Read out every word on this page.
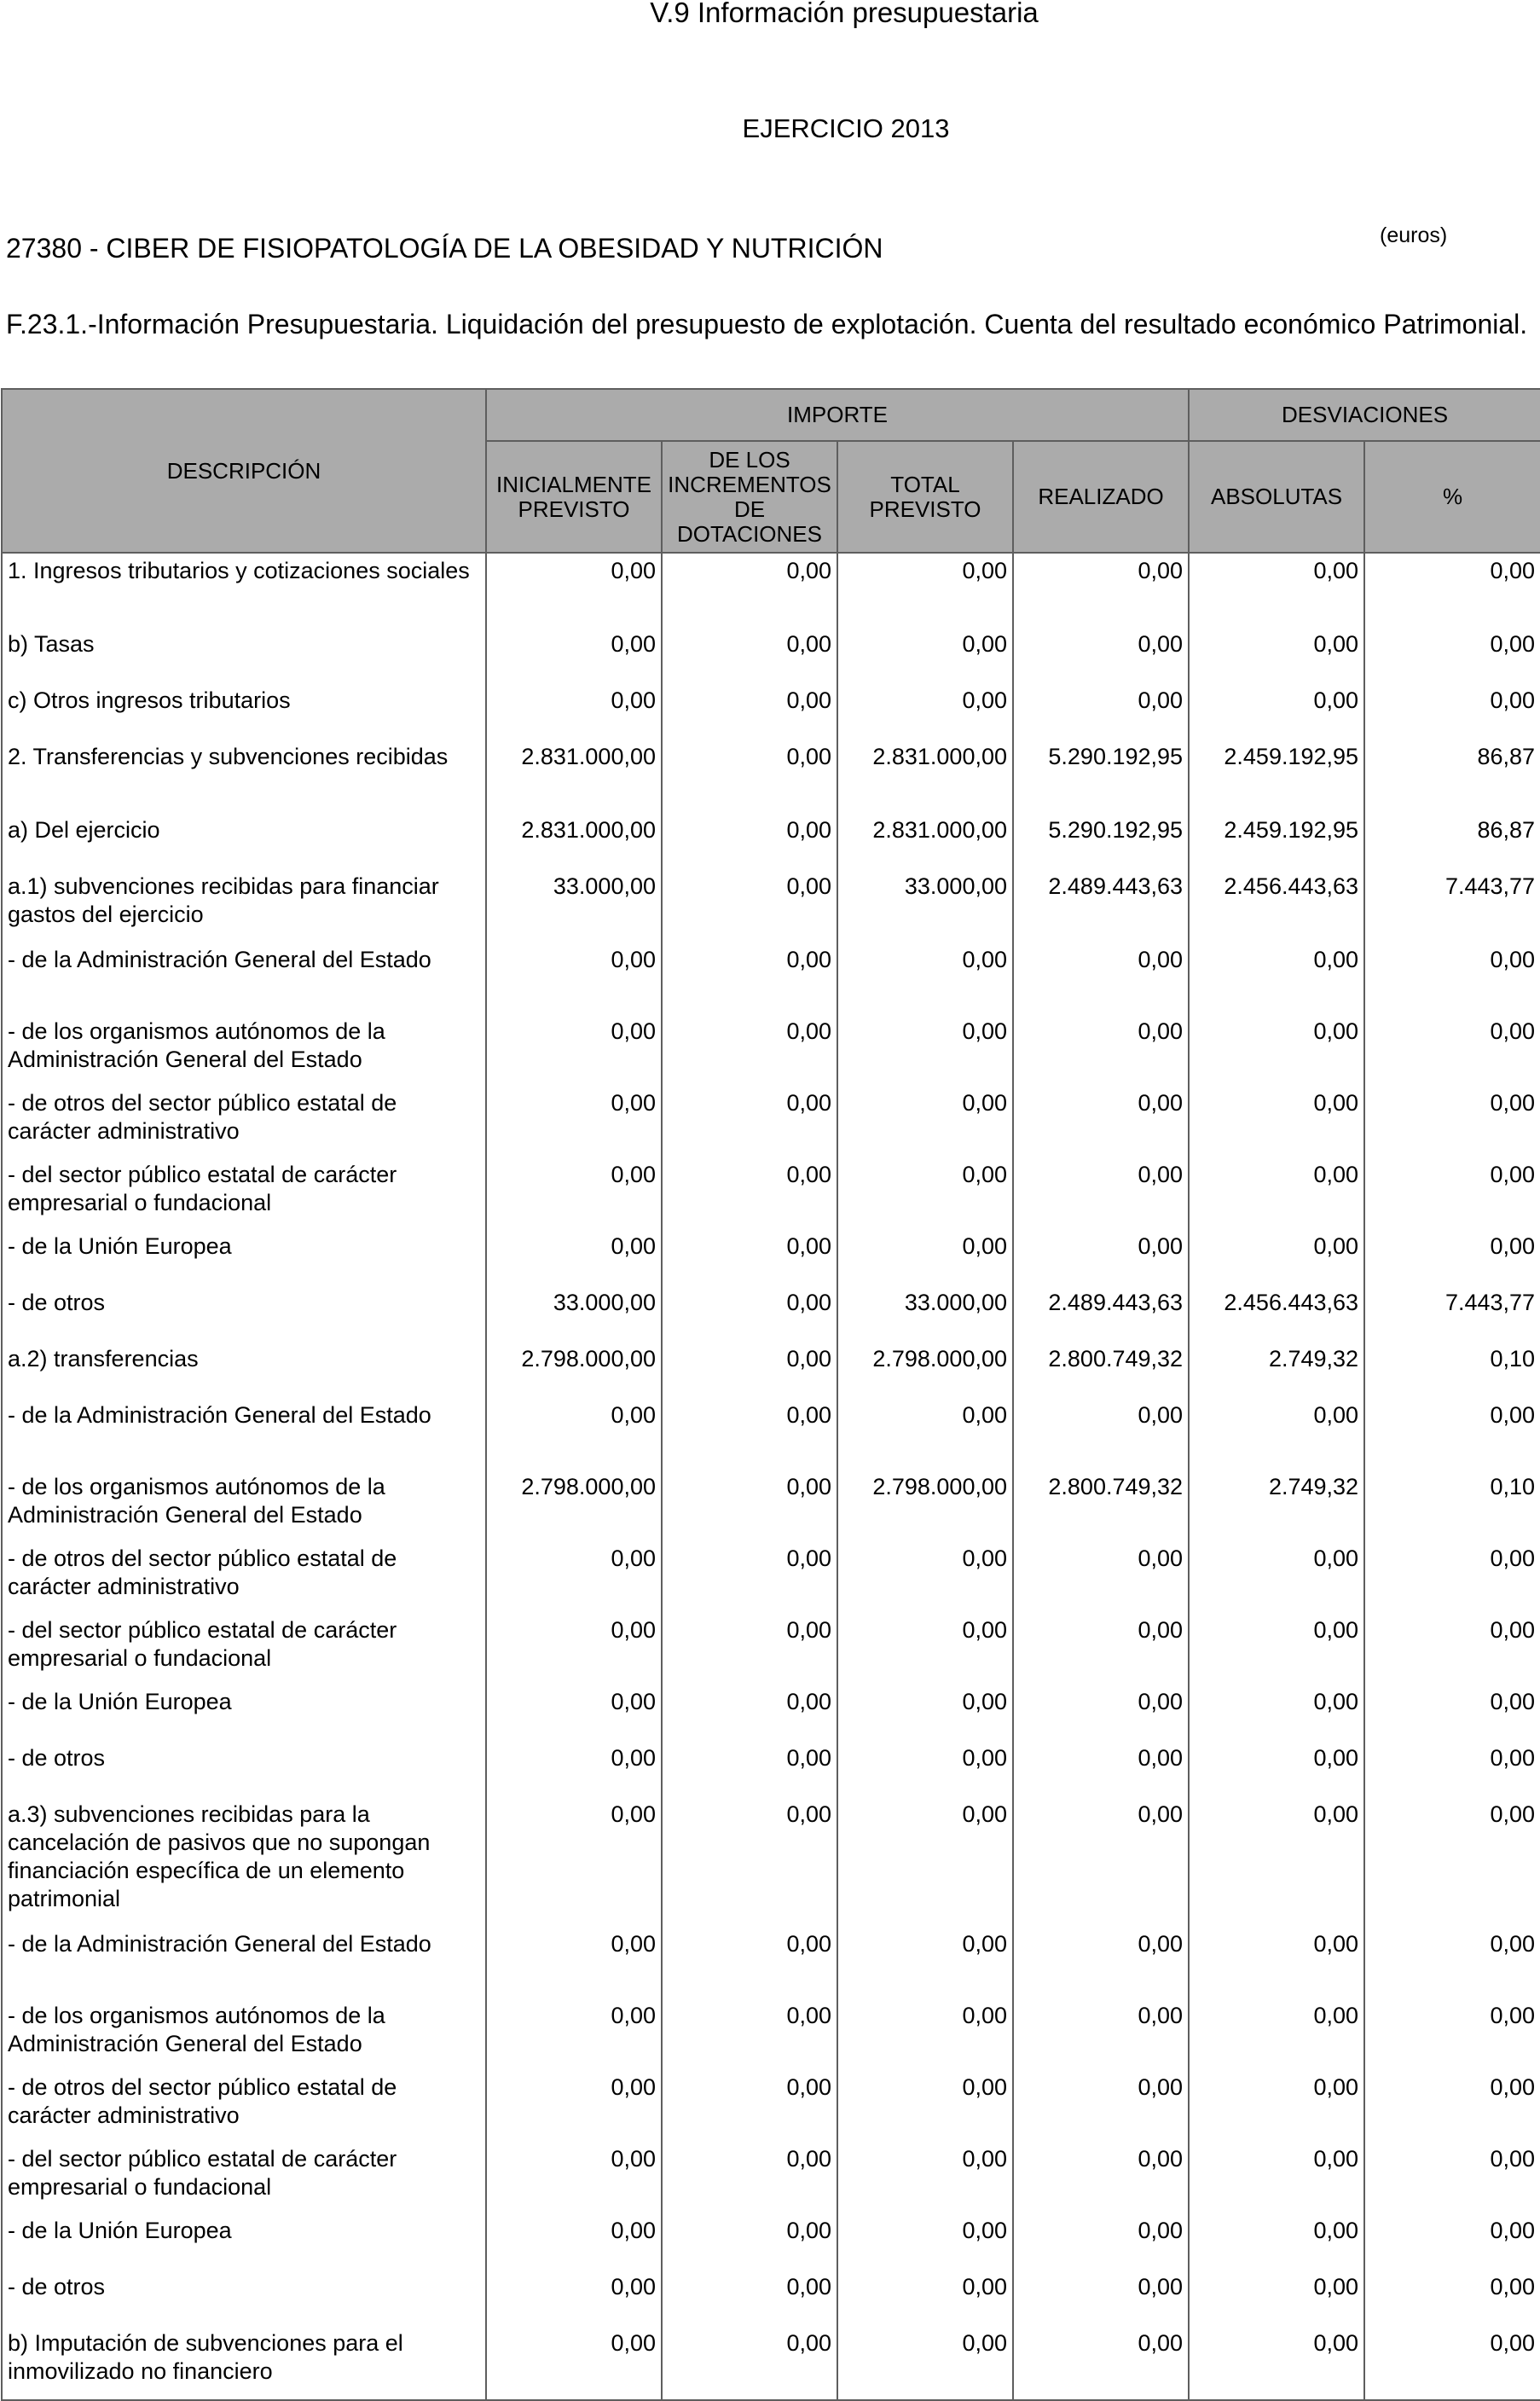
V.9 Información presupuestaria
EJERCICIO 2013
27380 - CIBER DE FISIOPATOLOGÍA DE LA OBESIDAD Y NUTRICIÓN	(euros)
F.23.1.-Información Presupuestaria. Liquidación del presupuesto de explotación. Cuenta del resultado económico Patrimonial.
DESCRIPCIÓN	IMPORTE				DESVIACIONES	
	INICIALMENTE PREVISTO	DE LOS INCREMENTOS DE DOTACIONES	TOTAL PREVISTO	REALIZADO	ABSOLUTAS	%
1. Ingresos tributarios y cotizaciones sociales	0,00	0,00	0,00	0,00	0,00	0,00
b) Tasas	0,00	0,00	0,00	0,00	0,00	0,00
c) Otros ingresos tributarios	0,00	0,00	0,00	0,00	0,00	0,00
2. Transferencias y subvenciones recibidas	2.831.000,00	0,00	2.831.000,00	5.290.192,95	2.459.192,95	86,87
a) Del ejercicio	2.831.000,00	0,00	2.831.000,00	5.290.192,95	2.459.192,95	86,87
a.1) subvenciones recibidas para financiar gastos del ejercicio	33.000,00	0,00	33.000,00	2.489.443,63	2.456.443,63	7.443,77
- de la Administración General del Estado	0,00	0,00	0,00	0,00	0,00	0,00
- de los organismos autónomos de la Administración General del Estado	0,00	0,00	0,00	0,00	0,00	0,00
- de otros del sector público estatal de carácter administrativo	0,00	0,00	0,00	0,00	0,00	0,00
- del sector público estatal de carácter empresarial o fundacional	0,00	0,00	0,00	0,00	0,00	0,00
- de la Unión Europea	0,00	0,00	0,00	0,00	0,00	0,00
- de otros	33.000,00	0,00	33.000,00	2.489.443,63	2.456.443,63	7.443,77
a.2) transferencias	2.798.000,00	0,00	2.798.000,00	2.800.749,32	2.749,32	0,10
- de la Administración General del Estado	0,00	0,00	0,00	0,00	0,00	0,00
- de los organismos autónomos de la Administración General del Estado	2.798.000,00	0,00	2.798.000,00	2.800.749,32	2.749,32	0,10
- de otros del sector público estatal de carácter administrativo	0,00	0,00	0,00	0,00	0,00	0,00
- del sector público estatal de carácter empresarial o fundacional	0,00	0,00	0,00	0,00	0,00	0,00
- de la Unión Europea	0,00	0,00	0,00	0,00	0,00	0,00
- de otros	0,00	0,00	0,00	0,00	0,00	0,00
a.3) subvenciones recibidas para la cancelación de pasivos que no supongan financiación específica de un elemento patrimonial	0,00	0,00	0,00	0,00	0,00	0,00
- de la Administración General del Estado	0,00	0,00	0,00	0,00	0,00	0,00
- de los organismos autónomos de la Administración General del Estado	0,00	0,00	0,00	0,00	0,00	0,00
- de otros del sector público estatal de carácter administrativo	0,00	0,00	0,00	0,00	0,00	0,00
- del sector público estatal de carácter empresarial o fundacional	0,00	0,00	0,00	0,00	0,00	0,00
- de la Unión Europea	0,00	0,00	0,00	0,00	0,00	0,00
- de otros	0,00	0,00	0,00	0,00	0,00	0,00
b) Imputación de subvenciones para el inmovilizado no financiero	0,00	0,00	0,00	0,00	0,00	0,00
